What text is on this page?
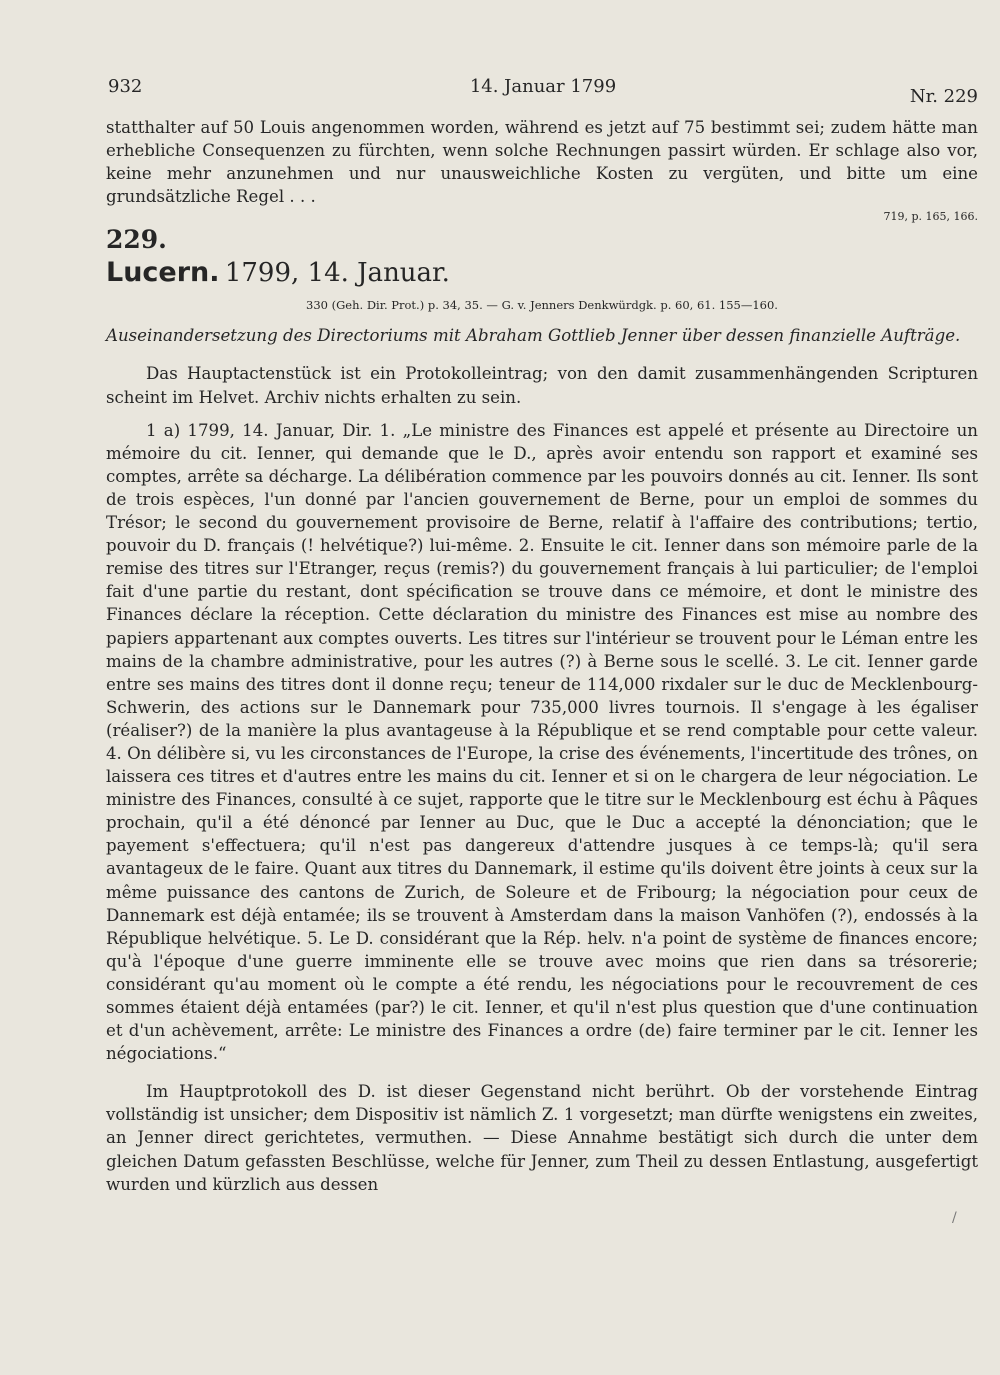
932	14. Januar 1799	Nr. 229

statthalter auf 50 Louis angenommen worden, während es jetzt auf 75 bestimmt sei; zudem hätte man erhebliche Consequenzen zu fürchten, wenn solche Rechnungen passirt würden. Er schlage also vor, keine mehr anzunehmen und nur unausweichliche Kosten zu vergüten, und bitte um eine grundsätzliche Regel . . .

719, p. 165, 166.

229.

Lucern. 1799, 14. Januar.

330 (Geh. Dir. Prot.) p. 34, 35. — G. v. Jenners Denkwürdgk. p. 60, 61. 155—160.

Auseinandersetzung des Directoriums mit Abraham Gottlieb Jenner über dessen finanzielle Aufträge.

Das Hauptactenstück ist ein Protokolleintrag; von den damit zusammenhängenden Scripturen scheint im Helvet. Archiv nichts erhalten zu sein.

1 a) 1799, 14. Januar, Dir. 1. „Le ministre des Finances est appelé et présente au Directoire un mémoire du cit. Ienner, qui demande que le D., après avoir entendu son rapport et examiné ses comptes, arrête sa décharge. La délibération commence par les pouvoirs donnés au cit. Ienner. Ils sont de trois espèces, l'un donné par l'ancien gouvernement de Berne, pour un emploi de sommes du Trésor; le second du gouvernement provisoire de Berne, relatif à l'affaire des contributions; tertio, pouvoir du D. français (! helvétique?) lui-même. 2. Ensuite le cit. Ienner dans son mémoire parle de la remise des titres sur l'Etranger, reçus (remis?) du gouvernement français à lui particulier; de l'emploi fait d'une partie du restant, dont spécification se trouve dans ce mémoire, et dont le ministre des Finances déclare la réception. Cette déclaration du ministre des Finances est mise au nombre des papiers appartenant aux comptes ouverts. Les titres sur l'intérieur se trouvent pour le Léman entre les mains de la chambre administrative, pour les autres (?) à Berne sous le scellé. 3. Le cit. Ienner garde entre ses mains des titres dont il donne reçu; teneur de 114,000 rixdaler sur le duc de Mecklenbourg-Schwerin, des actions sur le Dannemark pour 735,000 livres tournois. Il s'engage à les égaliser (réaliser?) de la manière la plus avantageuse à la République et se rend comptable pour cette valeur. 4. On délibère si, vu les circonstances de l'Europe, la crise des événements, l'incertitude des trônes, on laissera ces titres et d'autres entre les mains du cit. Ienner et si on le chargera de leur négociation. Le ministre des Finances, consulté à ce sujet, rapporte que le titre sur le Mecklenbourg est échu à Pâques prochain, qu'il a été dénoncé par Ienner au Duc, que le Duc a accepté la dénonciation; que le payement s'effectuera; qu'il n'est pas dangereux d'attendre jusques à ce temps-là; qu'il sera avantageux de le faire. Quant aux titres du Dannemark, il estime qu'ils doivent être joints à ceux sur la même puissance des cantons de Zurich, de Soleure et de Fribourg; la négociation pour ceux de Dannemark est déjà entamée; ils se trouvent à Amsterdam dans la maison Vanhöfen (?), endossés à la République helvétique. 5. Le D. considérant que la Rép. helv. n'a point de système de finances encore; qu'à l'époque d'une guerre imminente elle se trouve avec moins que rien dans sa trésorerie; considérant qu'au moment où le compte a été rendu, les négociations pour le recouvrement de ces sommes étaient déjà entamées (par?) le cit. Ienner, et qu'il n'est plus question que d'une continuation et d'un achèvement, arrête: Le ministre des Finances a ordre (de) faire terminer par le cit. Ienner les négociations.“

Im Hauptprotokoll des D. ist dieser Gegenstand nicht berührt. Ob der vorstehende Eintrag vollständig ist unsicher; dem Dispositiv ist nämlich Z. 1 vorgesetzt; man dürfte wenigstens ein zweites, an Jenner direct gerichtetes, vermuthen. — Diese Annahme bestätigt sich durch die unter dem gleichen Datum gefassten Beschlüsse, welche für Jenner, zum Theil zu dessen Entlastung, ausgefertigt wurden und kürzlich aus dessen

/
